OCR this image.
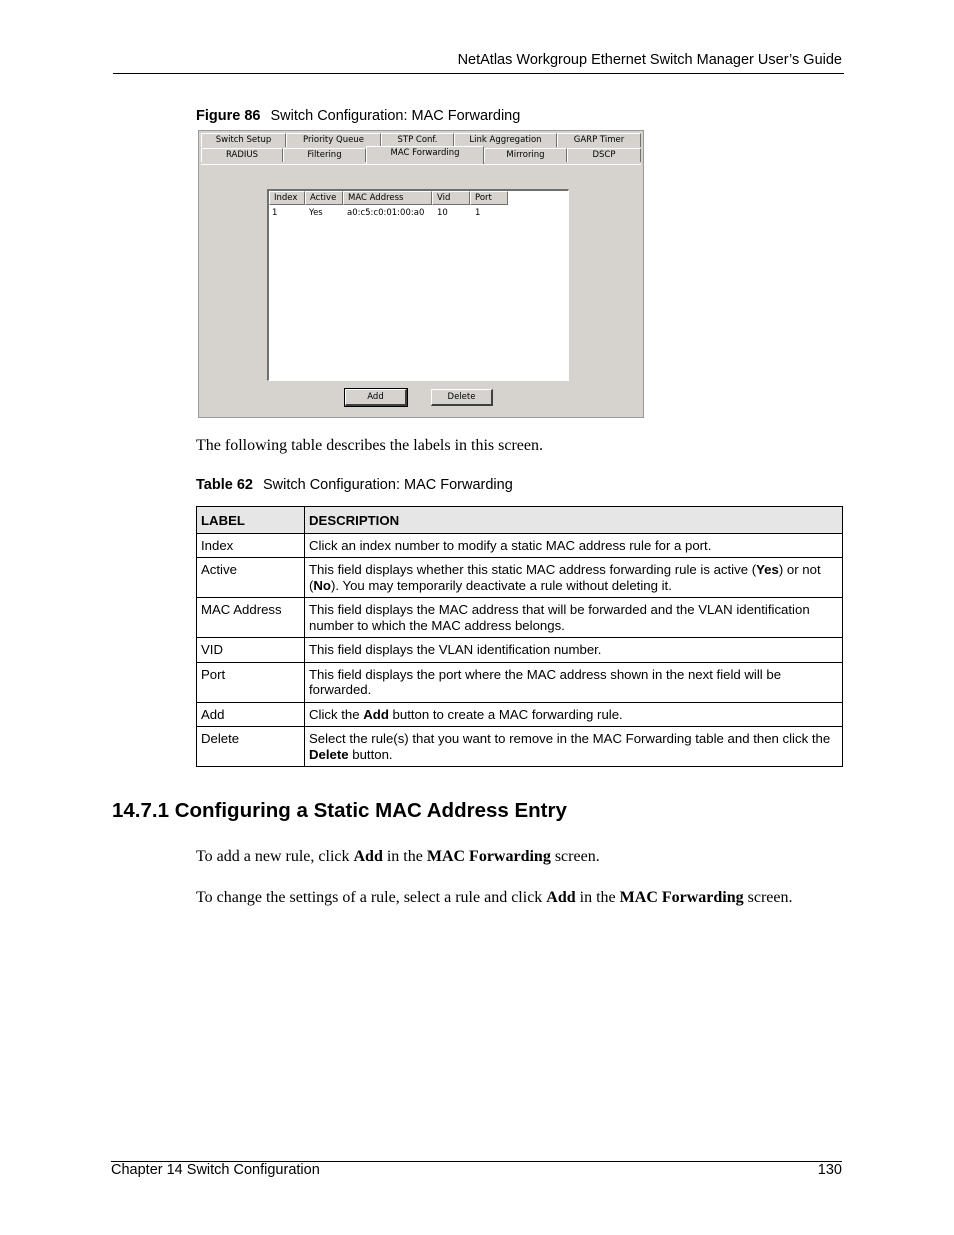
NetAtlas Workgroup Ethernet Switch Manager User’s Guide
Figure 86 Switch Configuration: MAC Forwarding
Switch Setup	Priority Queue	STP Conf.	Link Aggregation	GARP Timer
RADIUS	Filtering	MAC Forwarding	Mirroring	DSCP
Index	Active	MAC Address	Vid	Port
1	Yes	a0:c5:c0:01:00:a0 10	1
Add	Delete
The following table describes the labels in this screen.
Table 62 Switch Configuration: MAC Forwarding
LABEL	DESCRIPTION
Index	Click an index number to modify a static MAC address rule for a port.
Active	This field displays whether this static MAC address forwarding rule is active (Yes) or not (No). You may temporarily deactivate a rule without deleting it.
MAC Address	This field displays the MAC address that will be forwarded and the VLAN identification number to which the MAC address belongs.
VID	This field displays the VLAN identification number.
Port	This field displays the port where the MAC address shown in the next field will be forwarded.
Add	Click the Add button to create a MAC forwarding rule.
Delete	Select the rule(s) that you want to remove in the MAC Forwarding table and then click the Delete button.
14.7.1 Configuring a Static MAC Address Entry
To add a new rule, click Add in the MAC Forwarding screen.
To change the settings of a rule, select a rule and click Add in the MAC Forwarding screen.
Chapter 14 Switch Configuration	130
